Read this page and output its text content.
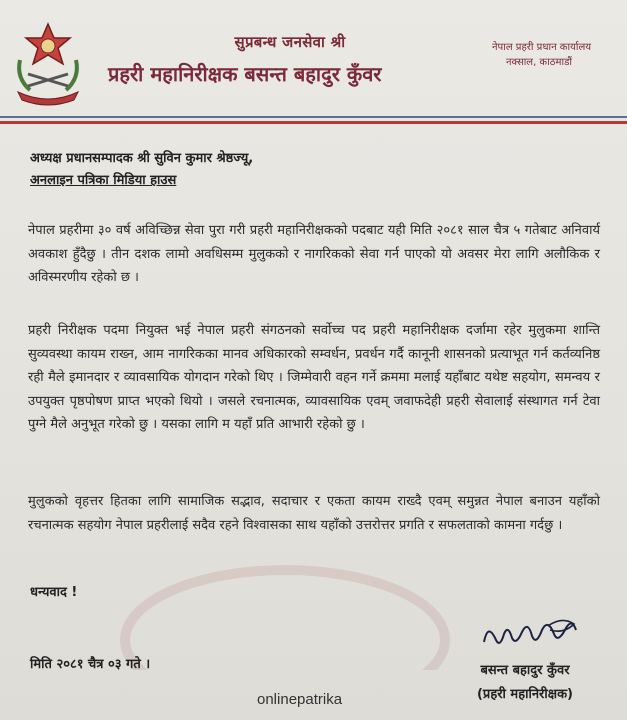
सुप्रबन्ध जनसेवा श्री
प्रहरी महानिरीक्षक बसन्त बहादुर कुँवर
नेपाल प्रहरी प्रधान कार्यालय
नक्साल, काठमाडौं
अध्यक्ष प्रधानसम्पादक श्री सुविन कुमार श्रेष्ठज्यू,
अनलाइन पत्रिका मिडिया हाउस
नेपाल प्रहरीमा ३० वर्ष अविच्छिन्न सेवा पुरा गरी प्रहरी महानिरीक्षकको पदबाट यही मिति २०८१ साल चैत्र ५ गतेबाट अनिवार्य अवकाश हुँदैछु । तीन दशक लामो अवधिसम्म मुलुकको र नागरिकको सेवा गर्न पाएको यो अवसर मेरा लागि अलौकिक र अविस्मरणीय रहेको छ ।
प्रहरी निरीक्षक पदमा नियुक्त भई नेपाल प्रहरी संगठनको सर्वोच्च पद प्रहरी महानिरीक्षक दर्जामा रहेर मुलुकमा शान्ति सुव्यवस्था कायम राख्न, आम नागरिकका मानव अधिकारको सम्वर्धन, प्रवर्धन गर्दै कानूनी शासनको प्रत्याभूत गर्न कर्तव्यनिष्ठ रही मैले इमानदार र व्यावसायिक योगदान गरेको थिए । जिम्मेवारी वहन गर्ने क्रममा मलाई यहाँबाट यथेष्ट सहयोग, समन्वय र उपयुक्त पृष्ठपोषण प्राप्त भएको थियो । जसले रचनात्मक, व्यावसायिक एवम् जवाफदेही प्रहरी सेवालाई संस्थागत गर्न टेवा पुग्ने मैले अनुभूत गरेको छु । यसका लागि म यहाँ प्रति आभारी रहेको छु ।
मुलुकको वृहत्तर हितका लागि सामाजिक सद्भाव, सदाचार र एकता कायम राख्दै एवम् समुन्नत नेपाल बनाउन यहाँको रचनात्मक सहयोग नेपाल प्रहरीलाई सदैव रहने विश्वासका साथ यहाँको उत्तरोत्तर प्रगति र सफलताको कामना गर्दछु ।
धन्यवाद !
मिति २०८१ चैत्र ०३ गते ।	बसन्त बहादुर कुँवर
(प्रहरी महानिरीक्षक)
onlinepatrika
